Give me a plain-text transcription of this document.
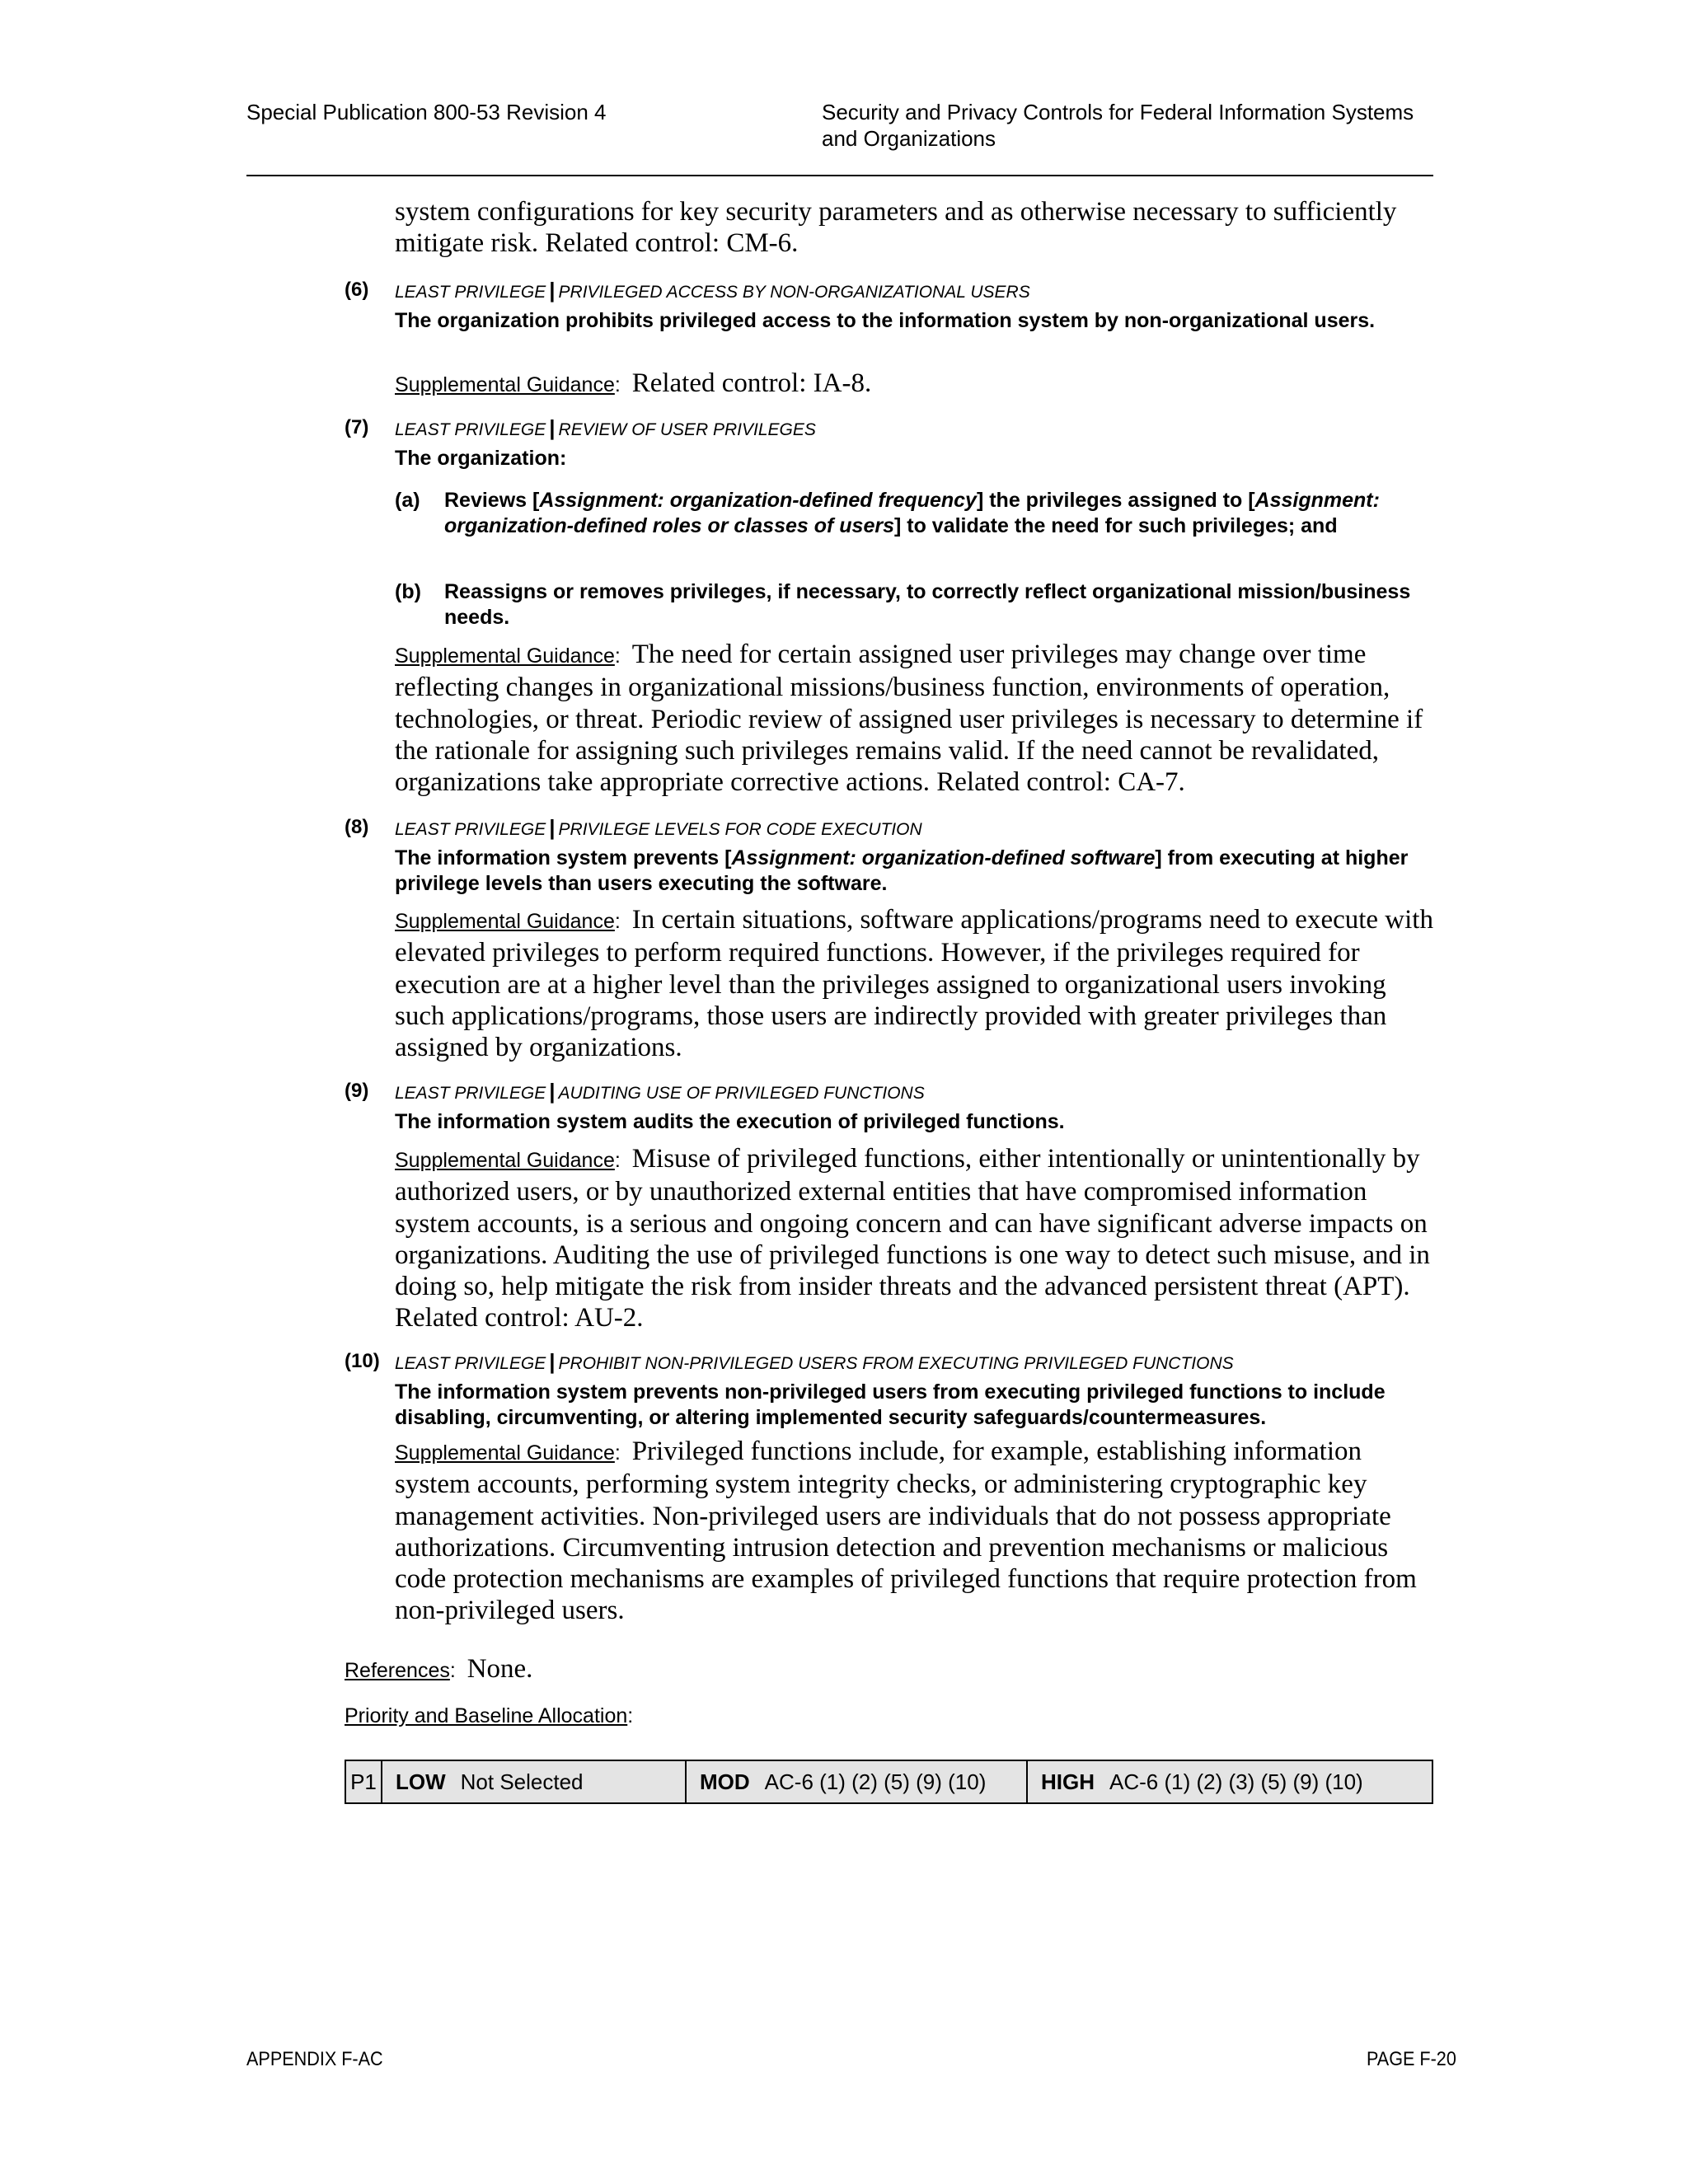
Special Publication 800-53 Revision 4	Security and Privacy Controls for Federal Information Systems
and Organizations
system configurations for key security parameters and as otherwise necessary to sufficiently
mitigate risk. Related control: CM-6.
(6) LEAST PRIVILEGE | PRIVILEGED ACCESS BY NON-ORGANIZATIONAL USERS
The organization prohibits privileged access to the information system by non-organizational users.
Supplemental Guidance:  Related control: IA-8.
(7) LEAST PRIVILEGE | REVIEW OF USER PRIVILEGES
The organization:
(a) Reviews [Assignment: organization-defined frequency] the privileges assigned to [Assignment: organization-defined roles or classes of users] to validate the need for such privileges; and
(b) Reassigns or removes privileges, if necessary, to correctly reflect organizational mission/business needs.
Supplemental Guidance:  The need for certain assigned user privileges may change over time reflecting changes in organizational missions/business function, environments of operation, technologies, or threat. Periodic review of assigned user privileges is necessary to determine if the rationale for assigning such privileges remains valid. If the need cannot be revalidated, organizations take appropriate corrective actions. Related control: CA-7.
(8) LEAST PRIVILEGE | PRIVILEGE LEVELS FOR CODE EXECUTION
The information system prevents [Assignment: organization-defined software] from executing at higher privilege levels than users executing the software.
Supplemental Guidance:  In certain situations, software applications/programs need to execute with elevated privileges to perform required functions. However, if the privileges required for execution are at a higher level than the privileges assigned to organizational users invoking such applications/programs, those users are indirectly provided with greater privileges than assigned by organizations.
(9) LEAST PRIVILEGE | AUDITING USE OF PRIVILEGED FUNCTIONS
The information system audits the execution of privileged functions.
Supplemental Guidance:  Misuse of privileged functions, either intentionally or unintentionally by authorized users, or by unauthorized external entities that have compromised information system accounts, is a serious and ongoing concern and can have significant adverse impacts on organizations. Auditing the use of privileged functions is one way to detect such misuse, and in doing so, help mitigate the risk from insider threats and the advanced persistent threat (APT). Related control: AU-2.
(10) LEAST PRIVILEGE | PROHIBIT NON-PRIVILEGED USERS FROM EXECUTING PRIVILEGED FUNCTIONS
The information system prevents non-privileged users from executing privileged functions to include disabling, circumventing, or altering implemented security safeguards/countermeasures.
Supplemental Guidance:  Privileged functions include, for example, establishing information system accounts, performing system integrity checks, or administering cryptographic key management activities. Non-privileged users are individuals that do not possess appropriate authorizations. Circumventing intrusion detection and prevention mechanisms or malicious code protection mechanisms are examples of privileged functions that require protection from non-privileged users.
References:  None.
Priority and Baseline Allocation:
P1	LOW Not Selected	MOD AC-6 (1) (2) (5) (9) (10)	HIGH AC-6 (1) (2) (3) (5) (9) (10)
APPENDIX F-AC	PAGE F-20
